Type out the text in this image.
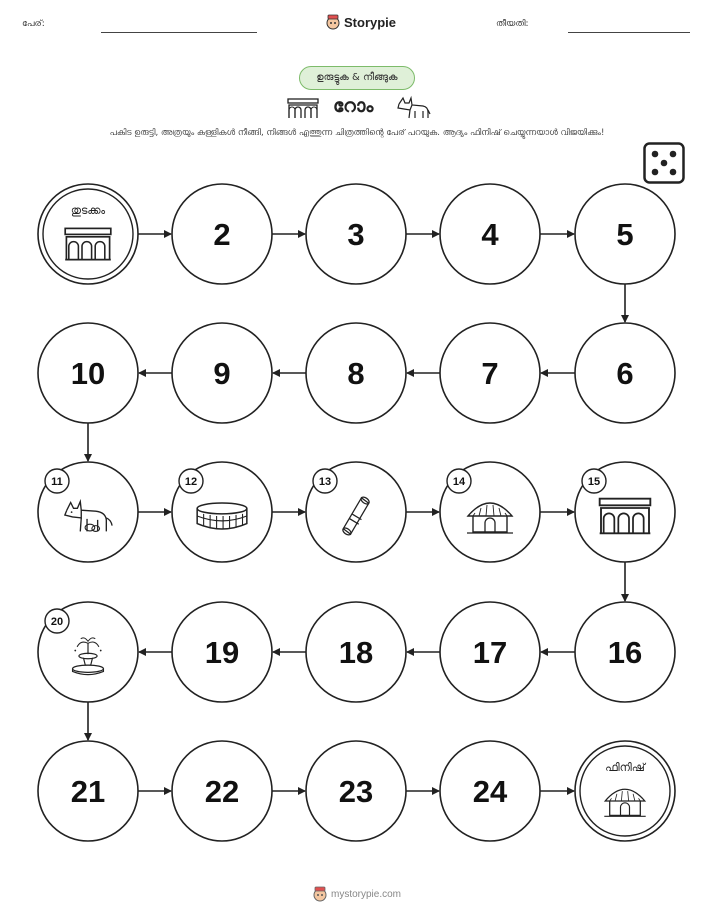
പേര്:	Storypie	തീയതി:
ഉരുട്ടുക & നീങ്ങുക
റോം
പകിട ഉരുട്ടി, അത്രയും കള്ളികൾ നീങ്ങി, നിങ്ങൾ എത്തുന്ന ചിത്രത്തിന്റെ പേര് പറയുക. ആദ്യം ഫിനിഷ് ചെയ്യുന്നയാൾ വിജയിക്കും!
തുടക്കം
2	3	4	5
6
7
8
9
10
11	12	13	14	15
16
17
18
19
20
21	22	23	24
ഫിനിഷ്
mystorypie.com
